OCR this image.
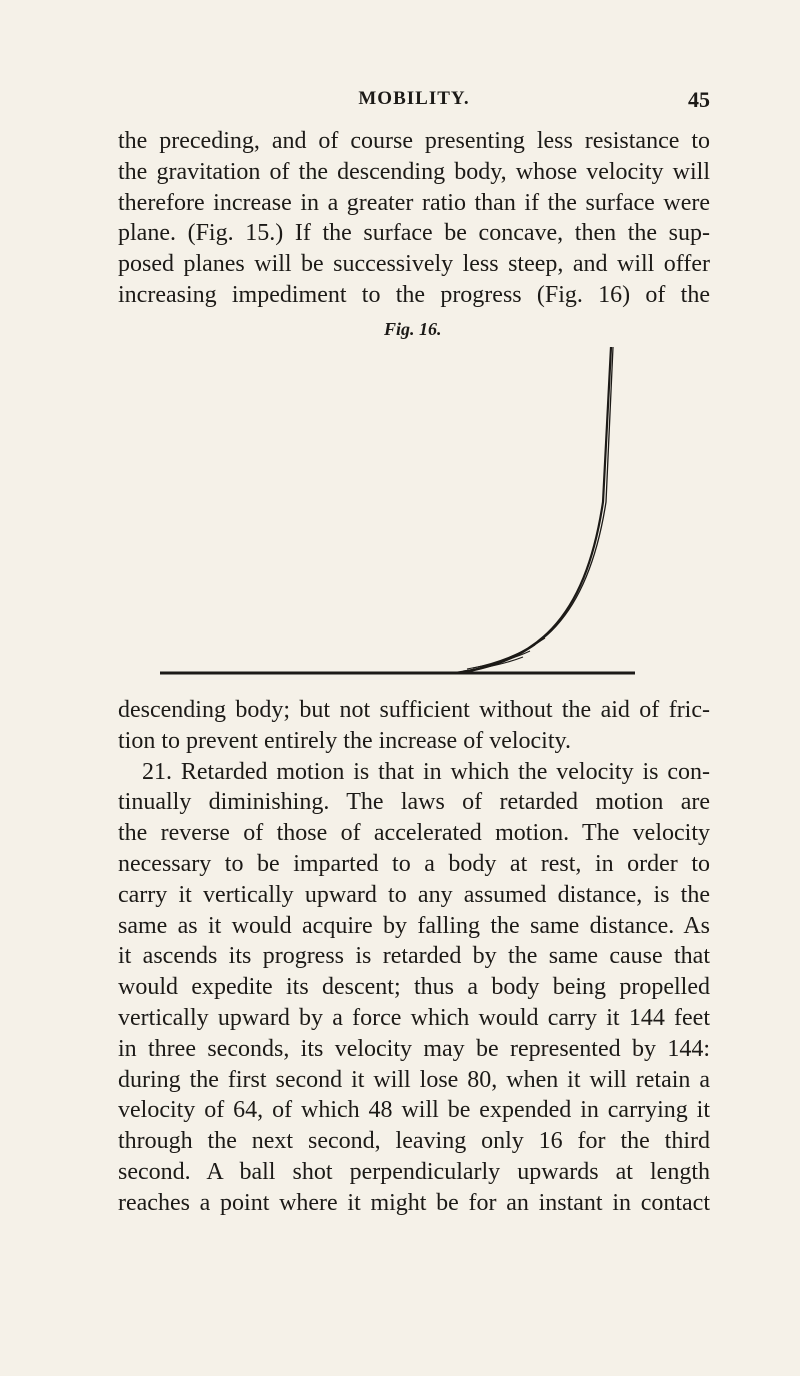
MOBILITY.	45
the preceding, and of course presenting less resistance to
the gravitation of the descending body, whose velocity will
therefore increase in a greater ratio than if the surface were
plane. (Fig. 15.) If the surface be concave, then the sup-
posed planes will be successively less steep, and will offer
increasing impediment to the progress (Fig. 16) of the
Fig. 16.
descending body; but not sufficient without the aid of fric-
tion to prevent entirely the increase of velocity.
21. Retarded motion is that in which the velocity is con-
tinually diminishing. The laws of retarded motion are
the reverse of those of accelerated motion. The velocity
necessary to be imparted to a body at rest, in order to
carry it vertically upward to any assumed distance, is the
same as it would acquire by falling the same distance. As
it ascends its progress is retarded by the same cause that
would expedite its descent; thus a body being propelled
vertically upward by a force which would carry it 144 feet
in three seconds, its velocity may be represented by 144:
during the first second it will lose 80, when it will retain a
velocity of 64, of which 48 will be expended in carrying it
through the next second, leaving only 16 for the third
second. A ball shot perpendicularly upwards at length
reaches a point where it might be for an instant in contact
